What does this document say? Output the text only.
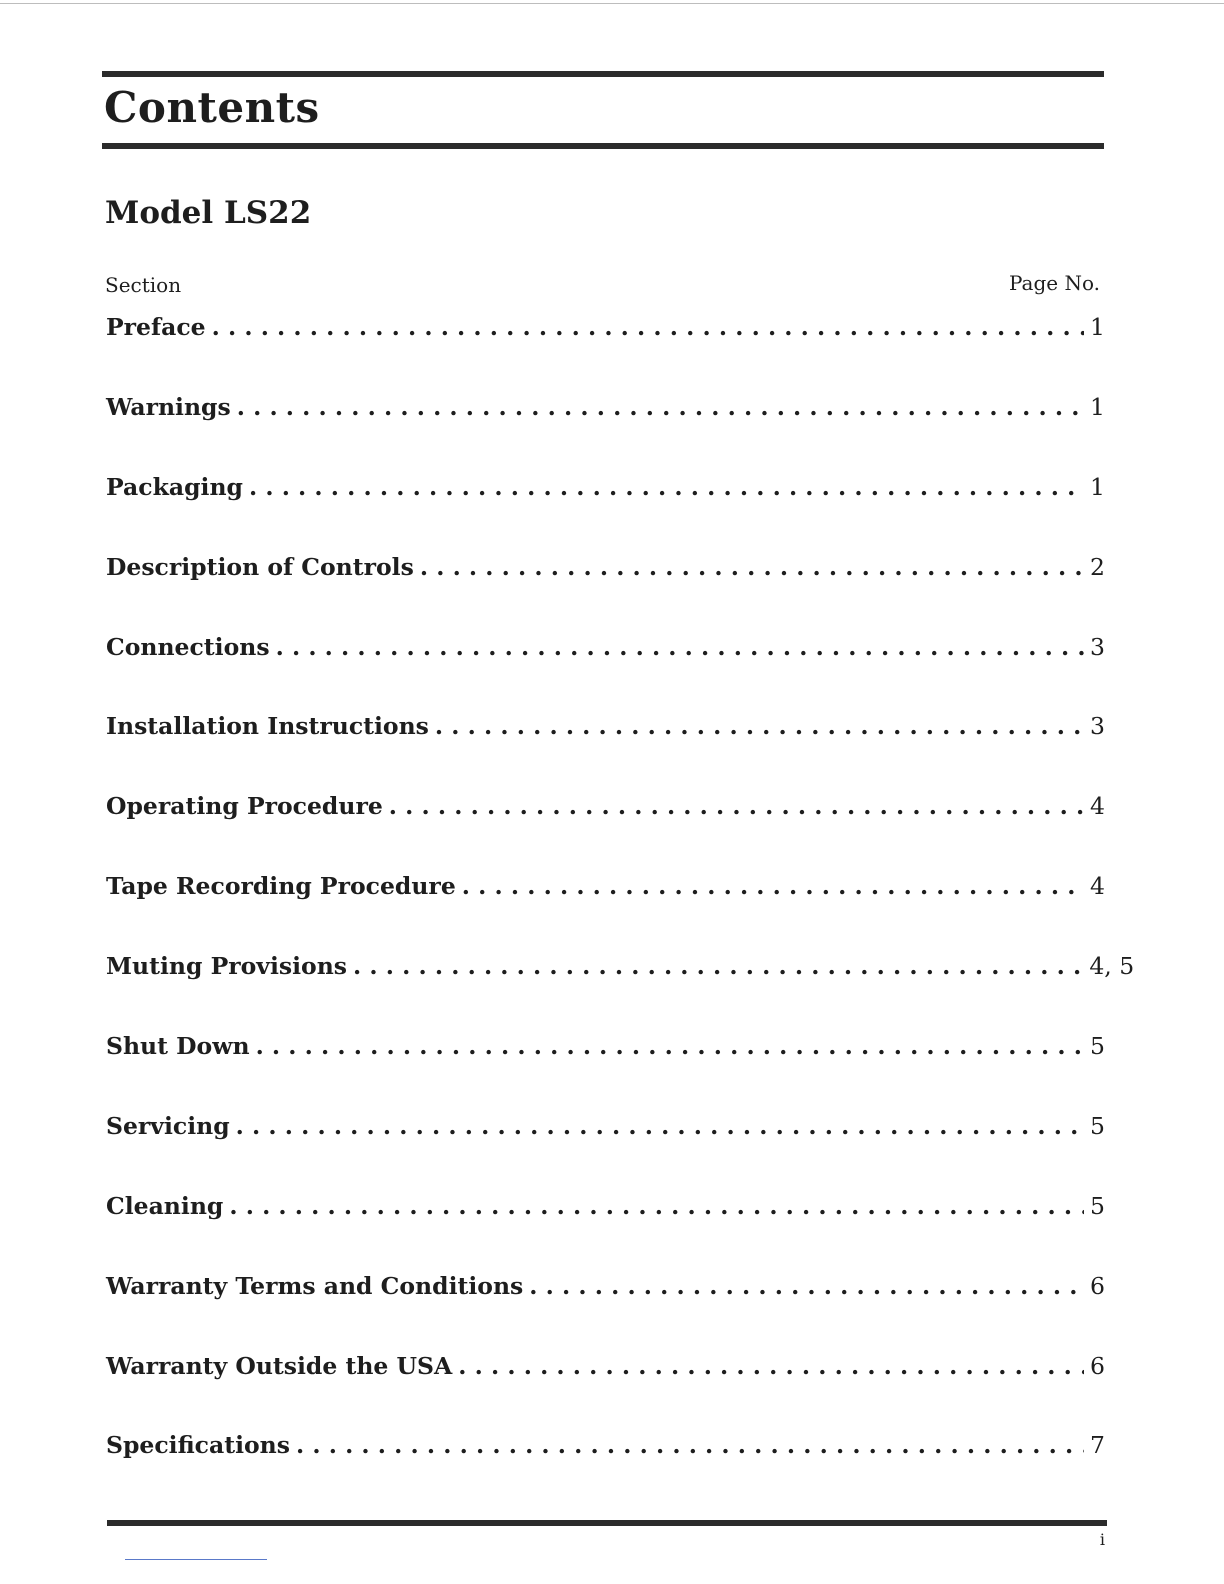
Contents
Model LS22
Section	Page No.
Preface . . .	1
Warnings . . .	1
Packaging . . .	1
Description of Controls . . .	2
Connections . . .	3
Installation Instructions . . .	3
Operating Procedure . . .	4
Tape Recording Procedure . . .	4
Muting Provisions . . .	4, 5
Shut Down . . .	5
Servicing . . .	5
Cleaning . . .	5
Warranty Terms and Conditions . . .	6
Warranty Outside the USA . . .	6
Specifications . . .	7
i
